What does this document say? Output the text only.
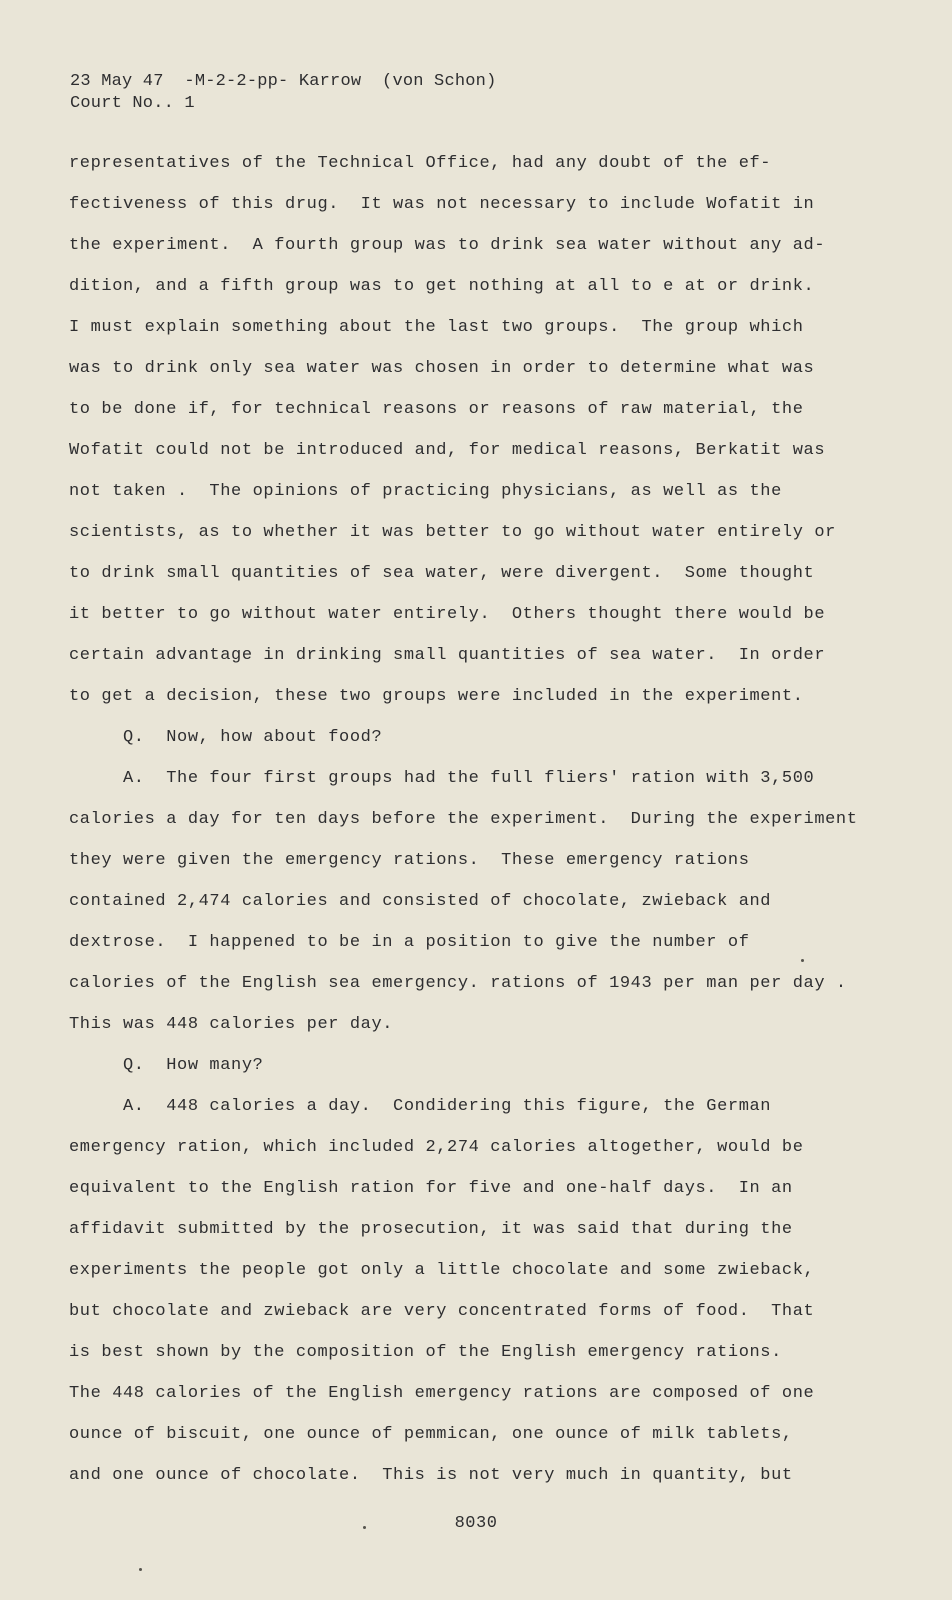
23 May 47  -M-2-2-pp- Karrow  (von Schon)
Court No.. 1
representatives of the Technical Office, had any doubt of the ef-
fectiveness of this drug.  It was not necessary to include Wofatit in
the experiment.  A fourth group was to drink sea water without any ad-
dition, and a fifth group was to get nothing at all to e at or drink.
I must explain something about the last two groups.  The group which
was to drink only sea water was chosen in order to determine what was
to be done if, for technical reasons or reasons of raw material, the
Wofatit could not be introduced and, for medical reasons, Berkatit was
not taken .  The opinions of practicing physicians, as well as the
scientists, as to whether it was better to go without water entirely or
to drink small quantities of sea water, were divergent.  Some thought
it better to go without water entirely.  Others thought there would be
certain advantage in drinking small quantities of sea water.  In order
to get a decision, these two groups were included in the experiment.
Q.  Now, how about food?
A.  The four first groups had the full fliers' ration with 3,500
calories a day for ten days before the experiment.  During the experiment
they were given the emergency rations.  These emergency rations
contained 2,474 calories and consisted of chocolate, zwieback and
dextrose.  I happened to be in a position to give the number of
calories of the English sea emergency. rations of 1943 per man per day .
This was 448 calories per day.
Q.  How many?
A.  448 calories a day.  Condidering this figure, the German
emergency ration, which included 2,274 calories altogether, would be
equivalent to the English ration for five and one-half days.  In an
affidavit submitted by the prosecution, it was said that during the
experiments the people got only a little chocolate and some zwieback,
but chocolate and zwieback are very concentrated forms of food.  That
is best shown by the composition of the English emergency rations.
The 448 calories of the English emergency rations are composed of one
ounce of biscuit, one ounce of pemmican, one ounce of milk tablets,
and one ounce of chocolate.  This is not very much in quantity, but
8030
